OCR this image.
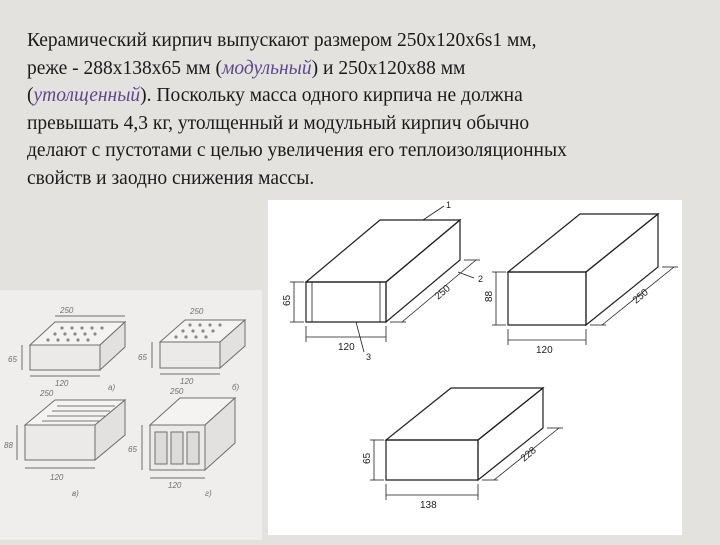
Керамический кирпич выпускают размером 250х120х6s1 мм,
реже - 288х138х65 мм (модульный) и 250х120х88 мм
(утолщенный). Поскольку масса одного кирпича не должна
превышать 4,3 кг, утолщенный и модульный кирпич обычно
делают с пустотами с целью увеличения его теплоизоляционных
свойств и заодно снижения массы.

250
65
120	а)
250
65
120
б)
250
88
120
в)
250
65
120
г)
65	250
120
1
2
3
88	250
120
65	228
138
